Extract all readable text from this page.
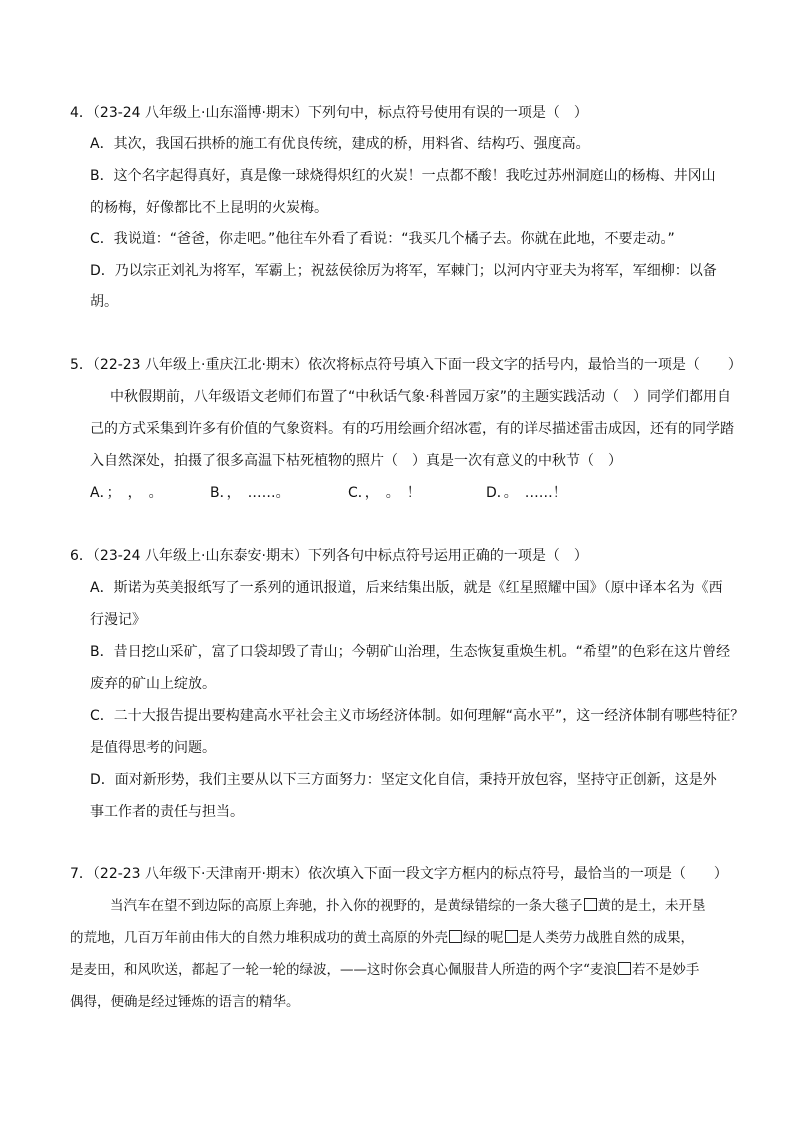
4．（23-24 八年级上·山东淄博·期末）下列句中，标点符号使用有误的一项是（　）
A．其次，我国石拱桥的施工有优良传统，建成的桥，用料省、结构巧、强度高。
B．这个名字起得真好，真是像一球烧得炽红的火炭！一点都不酸！我吃过苏州洞庭山的杨梅、井冈山
的杨梅，好像都比不上昆明的火炭梅。
C．我说道：“爸爸，你走吧。”他往车外看了看说：“我买几个橘子去。你就在此地，不要走动。”
D．乃以宗正刘礼为将军，军霸上；祝兹侯徐厉为将军，军棘门；以河内守亚夫为将军，军细柳：以备
胡。
5．（22-23 八年级上·重庆江北·期末）依次将标点符号填入下面一段文字的括号内，最恰当的一项是（　　）
中秋假期前，八年级语文老师们布置了“中秋话气象·科普园万家”的主题实践活动（　）同学们都用自
己的方式采集到许多有价值的气象资料。有的巧用绘画介绍冰雹，有的详尽描述雷击成因，还有的同学踏
入自然深处，拍摄了很多高温下枯死植物的照片（　）真是一次有意义的中秋节（　）
A．；　，　。	B．，　……。	C．，　。　！	D．。　……！
6．（23-24 八年级上·山东泰安·期末）下列各句中标点符号运用正确的一项是（　）
A．斯诺为英美报纸写了一系列的通讯报道，后来结集出版，就是《红星照耀中国》（原中译本名为《西
行漫记》
B．昔日挖山采矿，富了口袋却毁了青山；今朝矿山治理，生态恢复重焕生机。“希望”的色彩在这片曾经
废弃的矿山上绽放。
C．二十大报告提出要构建高水平社会主义市场经济体制。如何理解“高水平”，这一经济体制有哪些特征？
是值得思考的问题。
D．面对新形势，我们主要从以下三方面努力：坚定文化自信，秉持开放包容，坚持守正创新，这是外
事工作者的责任与担当。
7．（22-23 八年级下·天津南开·期末）依次填入下面一段文字方框内的标点符号，最恰当的一项是（　　）
当汽车在望不到边际的高原上奔驰，扑入你的视野的，是黄绿错综的一条大毯子 黄的是土，未开垦
的荒地，几百万年前由伟大的自然力堆积成功的黄土高原的外壳 绿的呢 是人类劳力战胜自然的成果，
是麦田，和风吹送，都起了一轮一轮的绿波，——这时你会真心佩服昔人所造的两个字“麦浪 若不是妙手
偶得，便确是经过锤炼的语言的精华。
